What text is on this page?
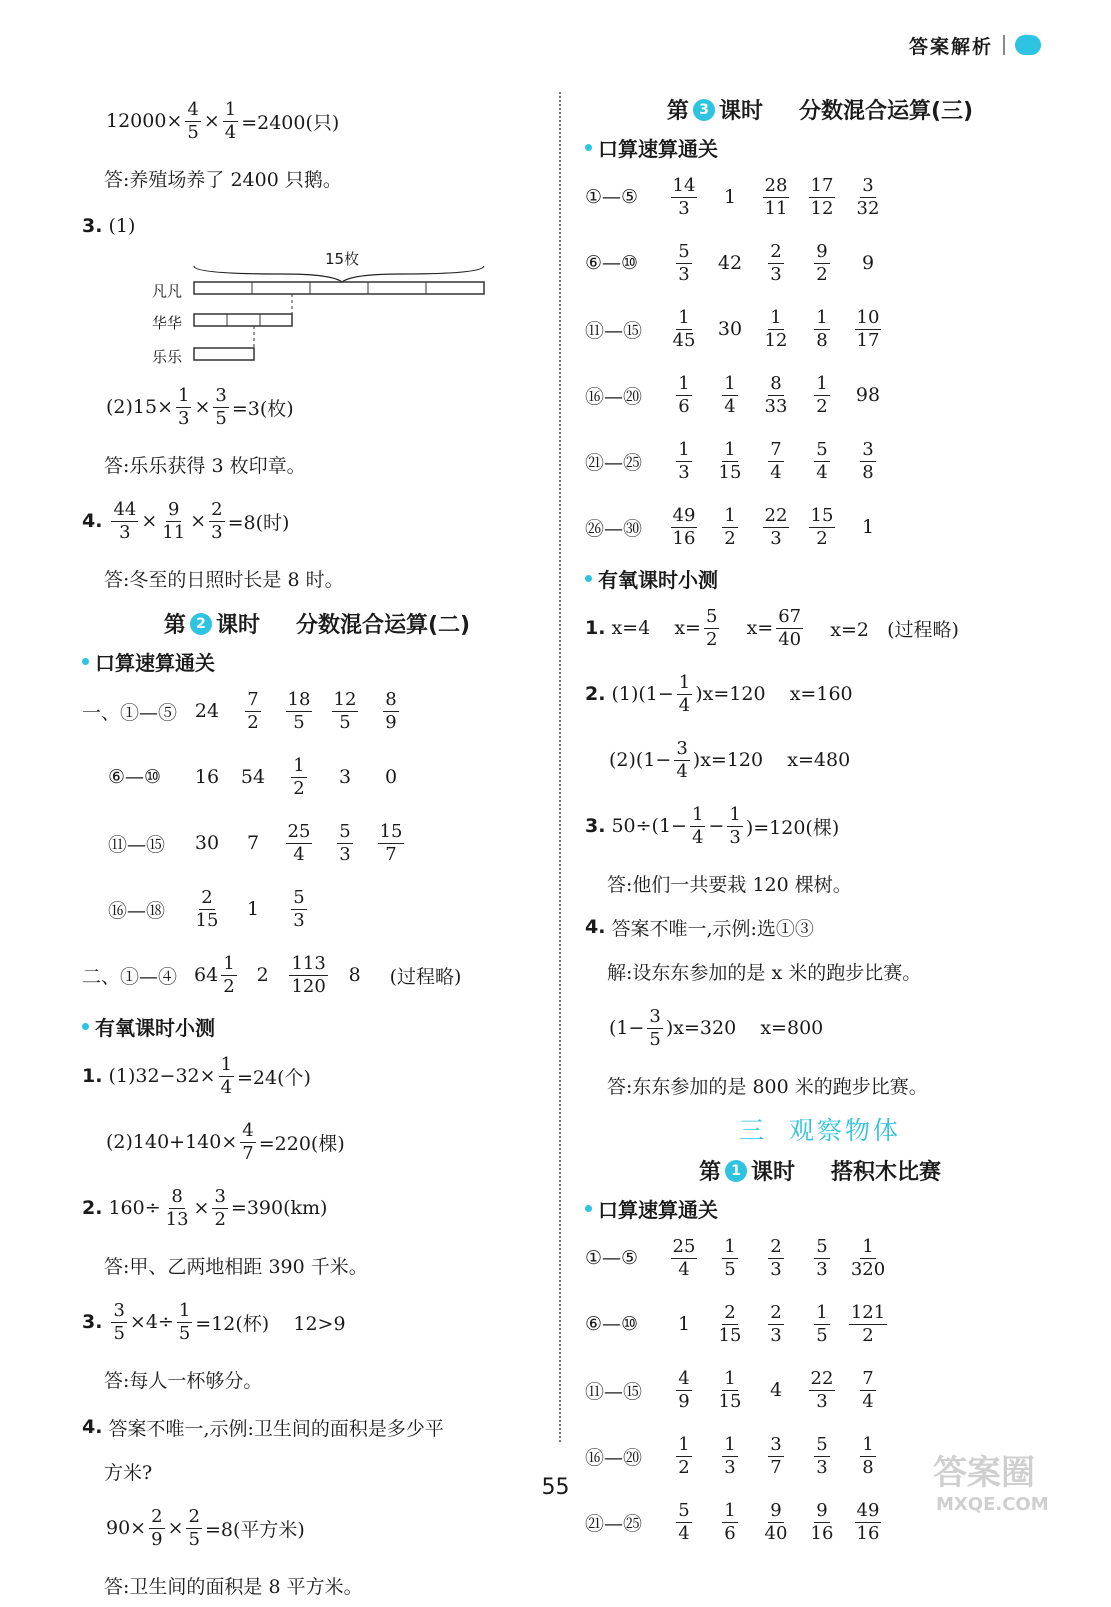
答案解析
$12000\times \frac{4}{5} \times \frac{1}{4} =2400$(只)
答:养殖场养了 2400 只鹅。
3. (1)
15枚
凡凡
华华
乐乐
$(2)15\times \frac{1}{3} \times \frac{3}{5} =3$(枚)
答:乐乐获得 3 枚印章。
4. $\frac{44}{3} \times \frac{9}{11} \times \frac{2}{3} =8$(时)
答:冬至的日照时长是 8 时。
第 2 课时 分数混合运算(二)
口算速算通关
一、①—⑤ 24	$\frac{7}{2} \frac{18}{5} \frac{12}{5} \frac{8}{9}$
⑥—⑩	16	54	$\frac{1}{2}$	3	0
⑪—⑮	30	7	$\frac{25}{4} \frac{5}{3} \frac{15}{7}$
⑯—⑱	$\frac{2}{15}$	1	$\frac{5}{3}$
二、①—④ $64 \frac{1}{2}$	2	$\frac{113}{120}$	8	(过程略)
有氧课时小测
1. $(1)32-32\times \frac{1}{4} =24$(个)
$(2)140+140\times \frac{4}{7} =220$(棵)
2. $160\div \frac{8}{13} \times \frac{3}{2} =390(km)$
答:甲、乙两地相距 390 千米。
3. $\frac{3}{5} \times 4\div \frac{1}{5} =12$(杯)    12>9
答:每人一杯够分。
4. 答案不唯一,示例:卫生间的面积是多少平
方米?
$90\times \frac{2}{9} \times \frac{2}{5} =8$(平方米)
答:卫生间的面积是 8 平方米。
第 3 课时 分数混合运算(三)
口算速算通关
①—⑤	$\frac{14}{3}$	1	$\frac{28}{11} \frac{17}{12} \frac{3}{32}$
⑥—⑩	$\frac{5}{3}$	42	$\frac{2}{3} \frac{9}{2}$	9
⑪—⑮	$\frac{1}{45}$	30	$\frac{1}{12} \frac{1}{8} \frac{10}{17}$
⑯—⑳	$\frac{1}{6} \frac{1}{4} \frac{8}{33} \frac{1}{2}$	98
㉑—㉕	$\frac{1}{3} \frac{1}{15} \frac{7}{4} \frac{5}{4} \frac{3}{8}$
㉖—㉚	$\frac{49}{16} \frac{1}{2} \frac{22}{3} \frac{15}{2}$	1
有氧课时小测
1. x=4    $x= \frac{5}{2} x= \frac{67}{40} x=2$   (过程略)
2. $(1)(1- \frac{1}{4} )x=120$    x=160
$(2)(1- \frac{3}{4} )x=120$    x=480
3. $50\div(1- \frac{1}{4} - \frac{1}{3} )=120$(棵)
答:他们一共要栽 120 棵树。
4. 答案不唯一,示例:选①③
解:设东东参加的是 x 米的跑步比赛。
$(1- \frac{3}{5} )x=320$    x=800
答:东东参加的是 800 米的跑步比赛。
三  观察物体
第 1 课时 搭积木比赛
口算速算通关
①—⑤	$\frac{25}{4} \frac{1}{5} \frac{2}{3} \frac{5}{3} \frac{1}{320}$
⑥—⑩	1	$\frac{2}{15} \frac{2}{3} \frac{1}{5} \frac{121}{2}$
⑪—⑮	$\frac{4}{9} \frac{1}{15}$	4	$\frac{22}{3} \frac{7}{4}$
⑯—⑳	$\frac{1}{2} \frac{1}{3} \frac{3}{7} \frac{5}{3} \frac{1}{8}$
㉑—㉕	$\frac{5}{4} \frac{1}{6} \frac{9}{40} \frac{9}{16} \frac{49}{16}$
55	答案圈
MXQE.COM
